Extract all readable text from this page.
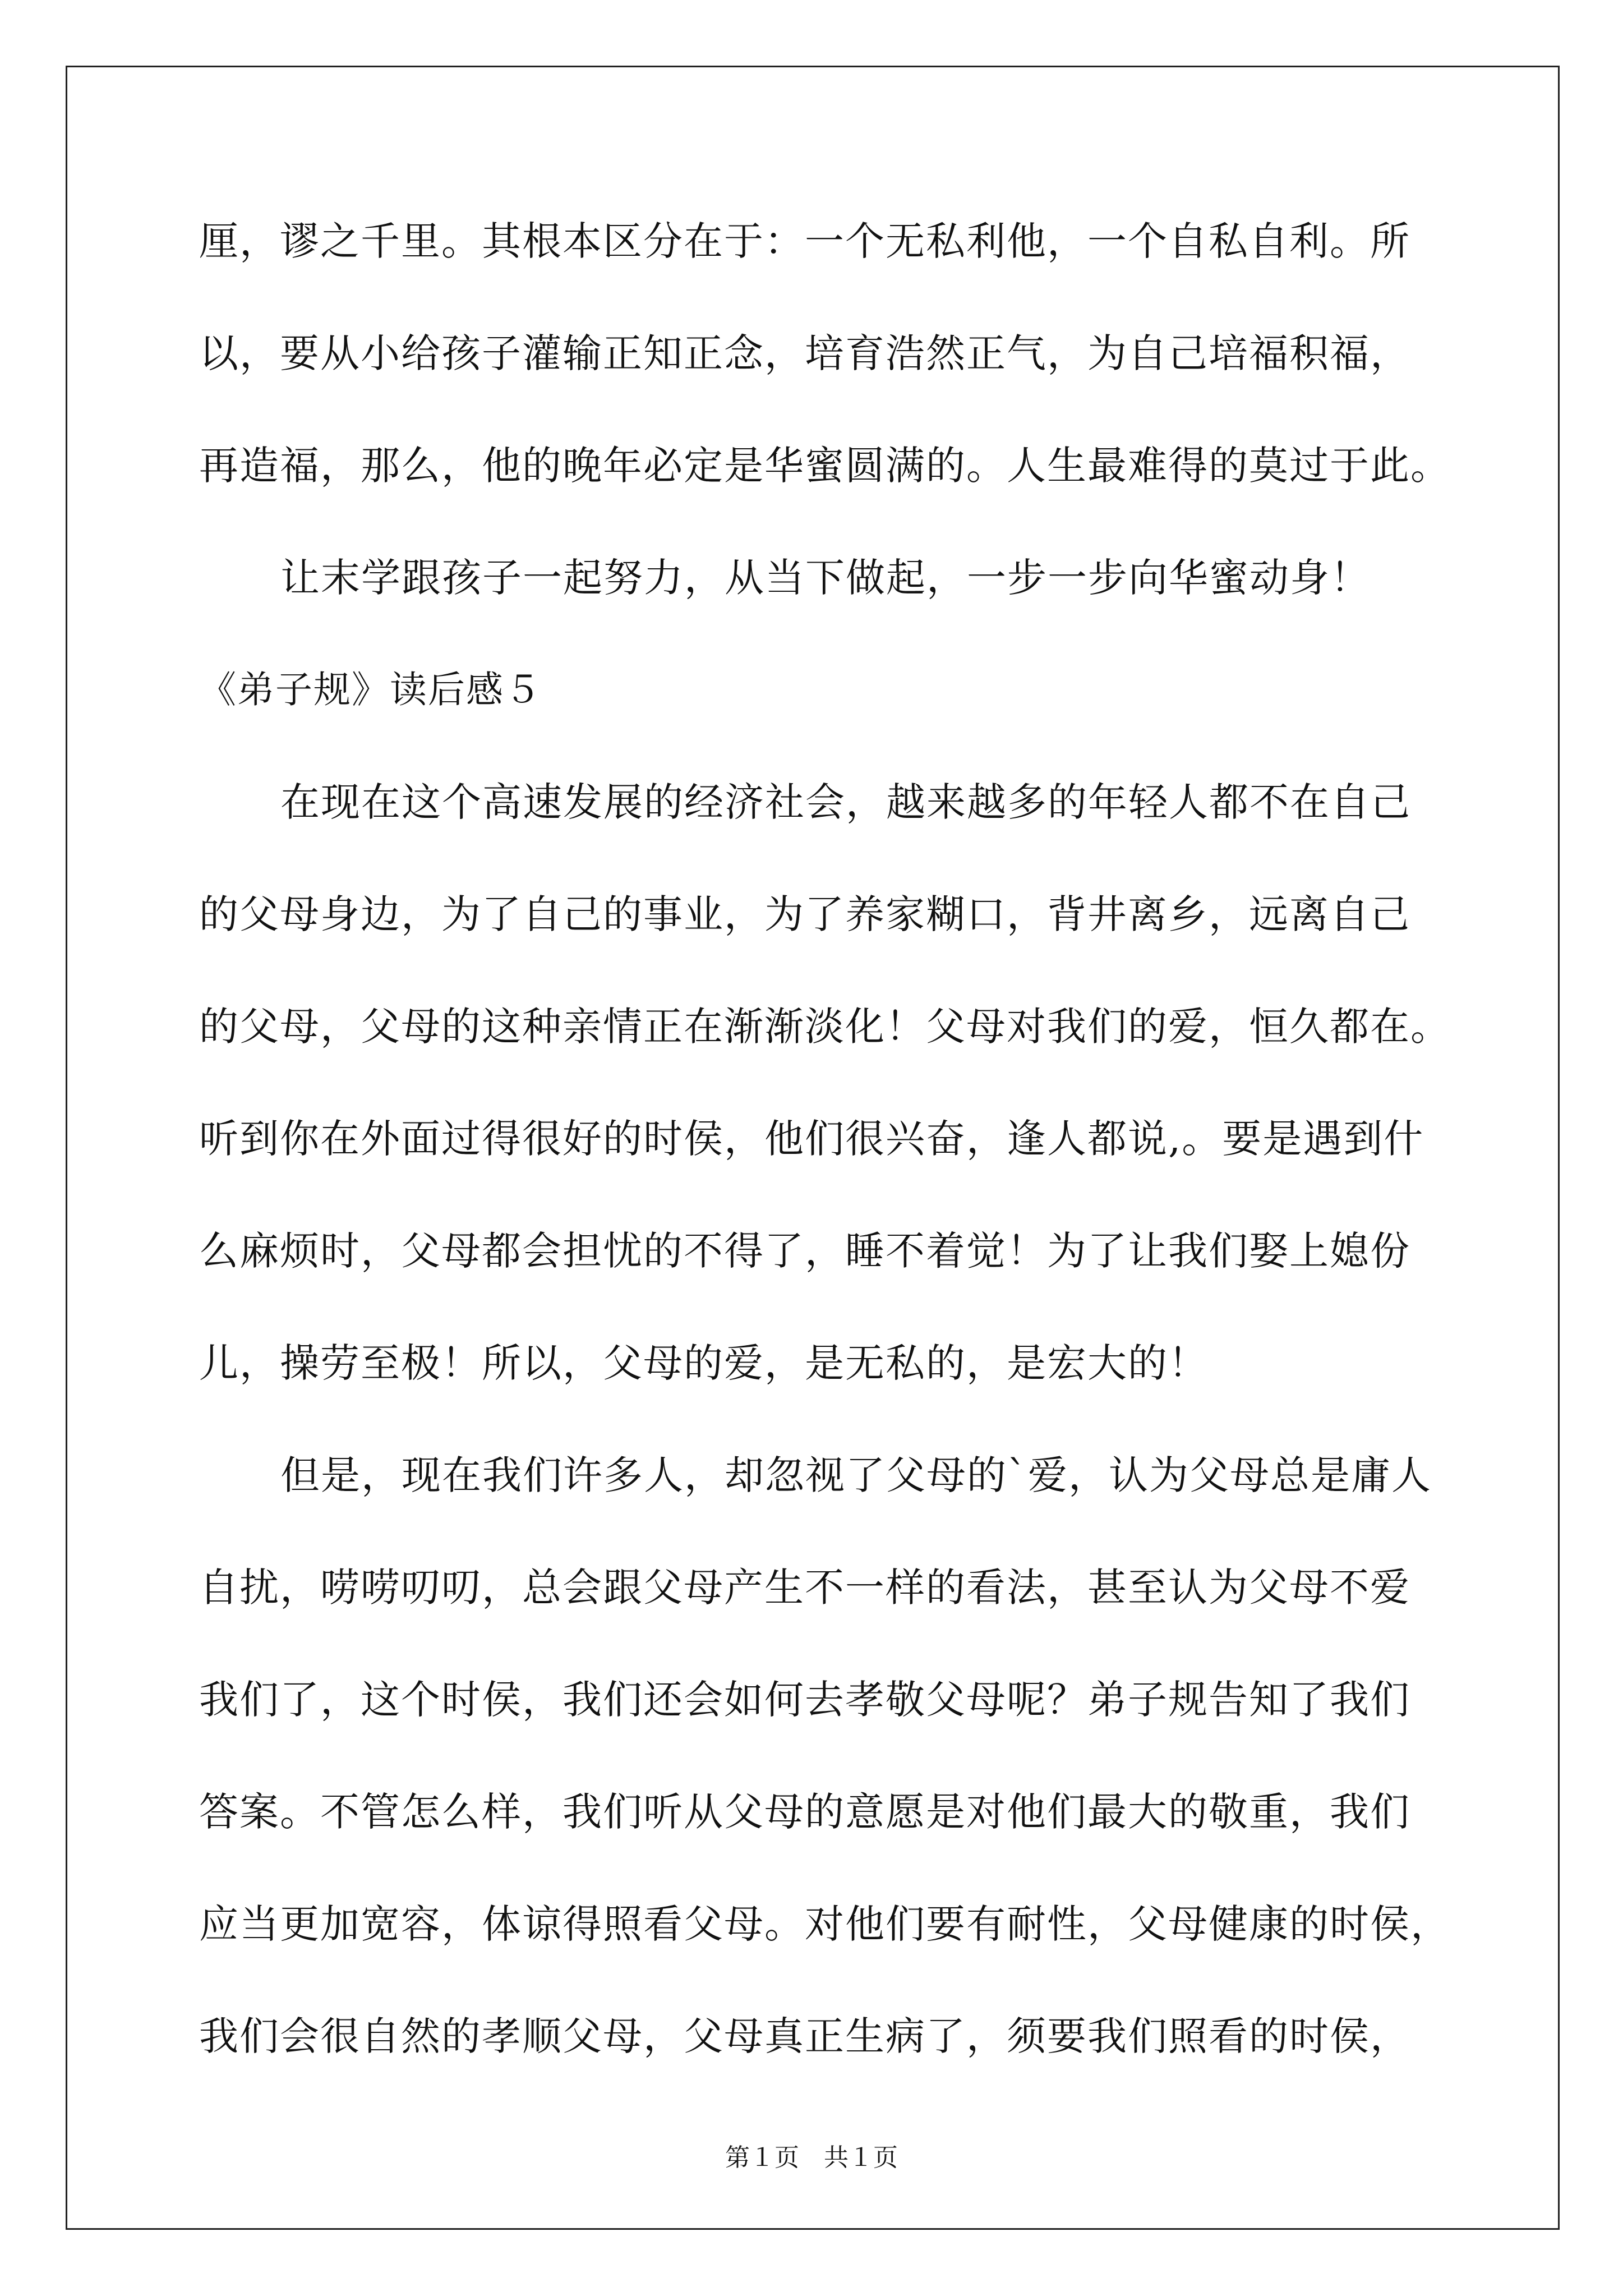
厘，谬之千里。其根本区分在于：一个无私利他，一个自私自利。所
以，要从小给孩子灌输正知正念，培育浩然正气，为自己培福积福，
再造福，那么，他的晚年必定是华蜜圆满的。人生最难得的莫过于此。
让末学跟孩子一起努力，从当下做起，一步一步向华蜜动身！
《弟子规》读后感５
在现在这个高速发展的经济社会，越来越多的年轻人都不在自己
的父母身边，为了自己的事业，为了养家糊口，背井离乡，远离自己
的父母，父母的这种亲情正在渐渐淡化！父母对我们的爱，恒久都在。
听到你在外面过得很好的时侯，他们很兴奋，逢人都说,。要是遇到什
么麻烦时，父母都会担忧的不得了，睡不着觉！为了让我们娶上媳份
儿，操劳至极！所以，父母的爱，是无私的，是宏大的！
但是，现在我们许多人，却忽视了父母的`爱，认为父母总是庸人
自扰，唠唠叨叨，总会跟父母产生不一样的看法，甚至认为父母不爱
我们了，这个时侯，我们还会如何去孝敬父母呢？弟子规告知了我们
答案。不管怎么样，我们听从父母的意愿是对他们最大的敬重，我们
应当更加宽容，体谅得照看父母。对他们要有耐性，父母健康的时侯，
我们会很自然的孝顺父母，父母真正生病了，须要我们照看的时侯，
第１页　共１页
